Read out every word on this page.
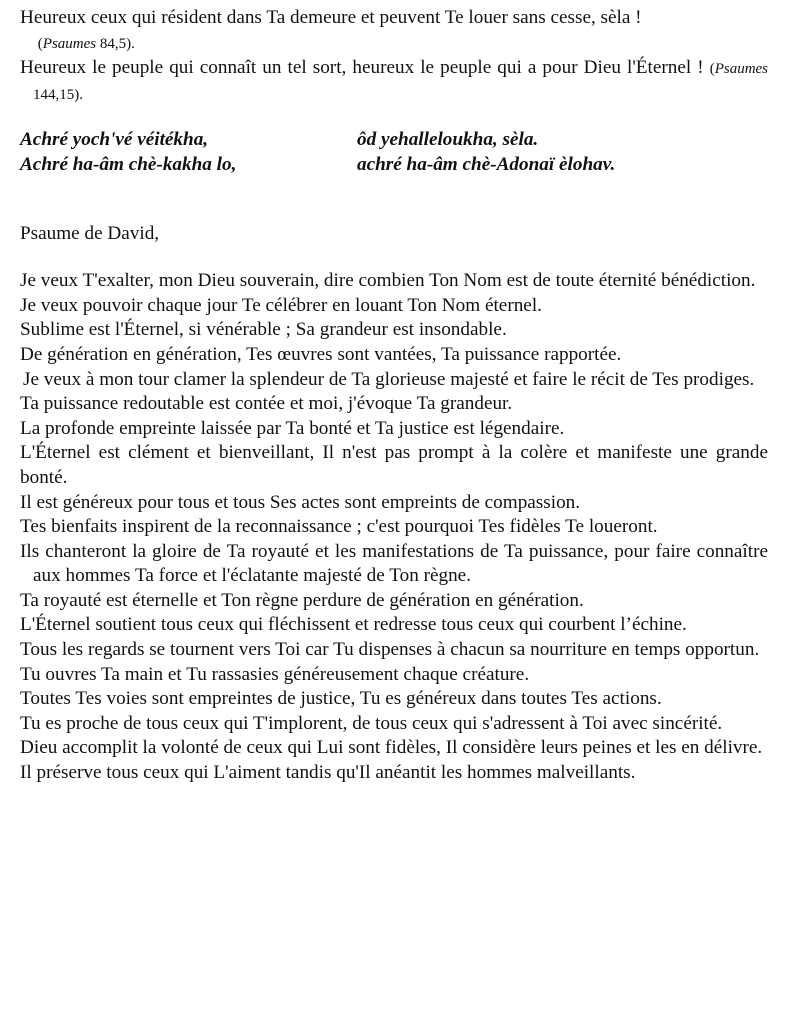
Heureux ceux qui résident dans Ta demeure et peuvent Te louer sans cesse, sèla !
(Psaumes 84,5).

Heureux le peuple qui connaît un tel sort, heureux le peuple qui a pour Dieu l'Éternel ! (Psaumes 144,15).

Achré yoch'vé véitékha,	ôd yehalleloukha, sèla.
Achré ha-âm chè-kakha lo,	achré ha-âm chè-Adonaï èlohav.

Psaume de David,

Je veux T'exalter, mon Dieu souverain, dire combien Ton Nom est de toute éternité bénédiction.

Je veux pouvoir chaque jour Te célébrer en louant Ton Nom éternel.

Sublime est l'Éternel, si vénérable ; Sa grandeur est insondable.

De génération en génération, Tes œuvres sont vantées, Ta puissance rapportée.

Je veux à mon tour clamer la splendeur de Ta glorieuse majesté et faire le récit de Tes prodiges.

Ta puissance redoutable est contée et moi, j'évoque Ta grandeur.

La profonde empreinte laissée par Ta bonté et Ta justice est légendaire.

L'Éternel est clément et bienveillant, Il n'est pas prompt à la colère et manifeste une grande bonté.

Il est généreux pour tous et tous Ses actes sont empreints de compassion.

Tes bienfaits inspirent de la reconnaissance ; c'est pourquoi Tes fidèles Te loueront.

Ils chanteront la gloire de Ta royauté et les manifestations de Ta puissance, pour faire connaître aux hommes Ta force et l'éclatante majesté de Ton règne.

Ta royauté est éternelle et Ton règne perdure de génération en génération.

L'Éternel soutient tous ceux qui fléchissent et redresse tous ceux qui courbent l’échine.

Tous les regards se tournent vers Toi car Tu dispenses à chacun sa nourriture en temps opportun.

Tu ouvres Ta main et Tu rassasies généreusement chaque créature.

Toutes Tes voies sont empreintes de justice, Tu es généreux dans toutes Tes actions.

Tu es proche de tous ceux qui T'implorent, de tous ceux qui s'adressent à Toi avec sincérité.

Dieu accomplit la volonté de ceux qui Lui sont fidèles, Il considère leurs peines et les en délivre.

Il préserve tous ceux qui L'aiment tandis qu'Il anéantit les hommes malveillants.
